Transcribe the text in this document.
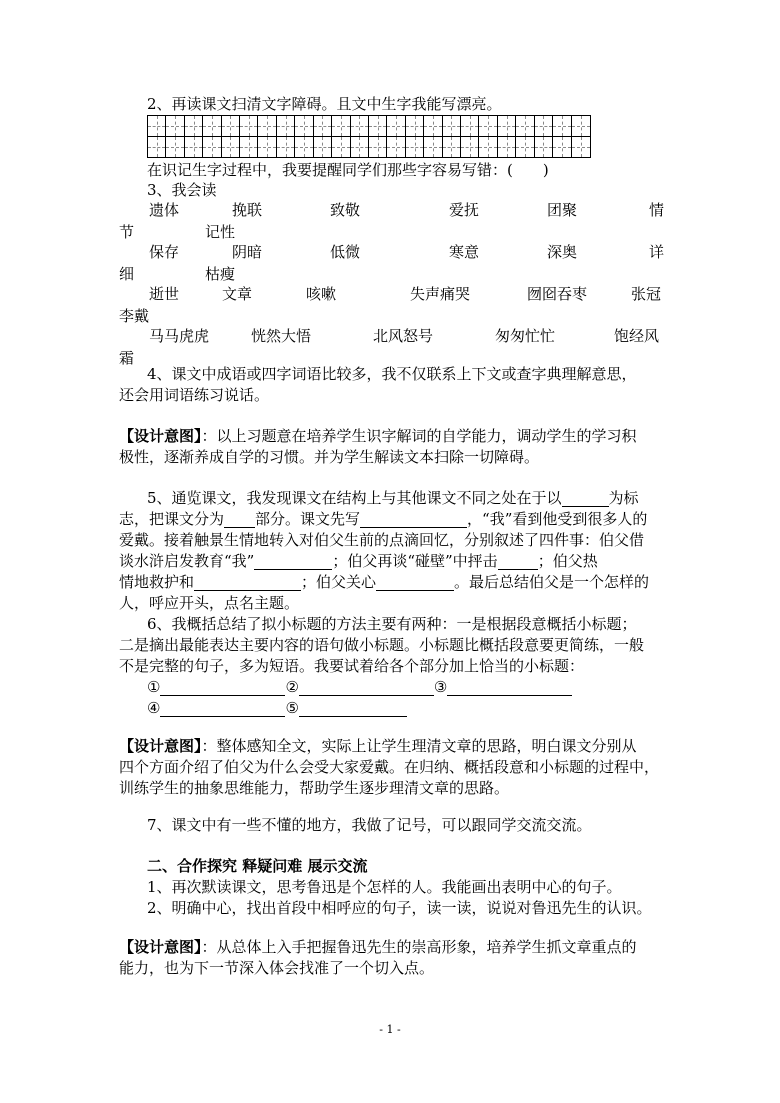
2、再读课文扫清文字障碍。且文中生字我能写漂亮。
在识记生字过程中，我要提醒同学们那些字容易写错：(　　)
3、我会读
遗体	挽联	致敬	爱抚	团聚	情
节	记性
保存	阴暗	低微	寒意	深奥	详
细	枯瘦
逝世	文章	咳嗽	失声痛哭	囫囵吞枣	张冠
李戴
马马虎虎	恍然大悟	北风怒号	匆匆忙忙	饱经风
霜
4、课文中成语或四字词语比较多，我不仅联系上下文或查字典理解意思，
还会用词语练习说话。
【设计意图】：以上习题意在培养学生识字解词的自学能力，调动学生的学习积
极性，逐渐养成自学的习惯。并为学生解读文本扫除一切障碍。
5、通览课文，我发现课文在结构上与其他课文不同之处在于以	为标
志，把课文分为 部分。课文先写	，“我”看到他受到很多人的
爱戴。接着触景生情地转入对伯父生前的点滴回忆，分别叙述了四件事：伯父借
谈水浒启发教育“我”	；伯父再谈“碰壁”中抨击	；伯父热
情地救护和	；伯父关心	。最后总结伯父是一个怎样的
人，呼应开头，点名主题。
6、我概括总结了拟小标题的方法主要有两种：一是根据段意概括小标题；
二是摘出最能表达主要内容的语句做小标题。小标题比概括段意要更简练，一般
不是完整的句子，多为短语。我要试着给各个部分加上恰当的小标题：
①	②	③
④	⑤
【设计意图】：整体感知全文，实际上让学生理清文章的思路，明白课文分别从
四个方面介绍了伯父为什么会受大家爱戴。在归纳、概括段意和小标题的过程中，
训练学生的抽象思维能力，帮助学生逐步理清文章的思路。
7、课文中有一些不懂的地方，我做了记号，可以跟同学交流交流。
二、合作探究 释疑问难 展示交流
1、再次默读课文，思考鲁迅是个怎样的人。我能画出表明中心的句子。
2、明确中心，找出首段中相呼应的句子，读一读，说说对鲁迅先生的认识。
【设计意图】：从总体上入手把握鲁迅先生的崇高形象，培养学生抓文章重点的
能力，也为下一节深入体会找准了一个切入点。
- 1 -
